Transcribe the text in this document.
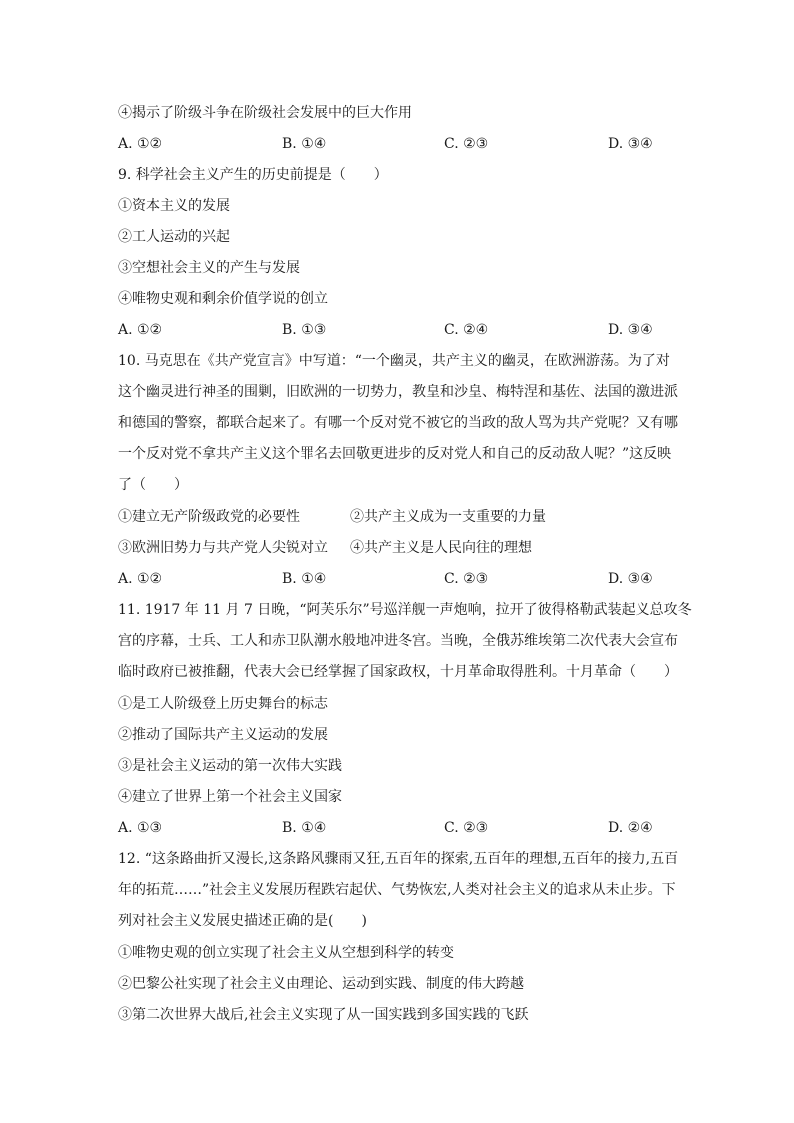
④揭示了阶级斗争在阶级社会发展中的巨大作用
A. ①②	B. ①④	C. ②③	D. ③④
9. 科学社会主义产生的历史前提是（　　）
①资本主义的发展
②工人运动的兴起
③空想社会主义的产生与发展
④唯物史观和剩余价值学说的创立
A. ①②	B. ①③	C. ②④	D. ③④
10. 马克思在《共产党宣言》中写道：“一个幽灵，共产主义的幽灵，在欧洲游荡。为了对
这个幽灵进行神圣的围剿，旧欧洲的一切势力，教皇和沙皇、梅特涅和基佐、法国的激进派
和德国的警察，都联合起来了。有哪一个反对党不被它的当政的敌人骂为共产党呢？又有哪
一个反对党不拿共产主义这个罪名去回敬更进步的反对党人和自己的反动敌人呢？”这反映
了（　　）
①建立无产阶级政党的必要性	②共产主义成为一支重要的力量
③欧洲旧势力与共产党人尖锐对立 ④共产主义是人民向往的理想
A. ①②	B. ①④	C. ②③	D. ③④
11. 1917 年 11 月 7 日晚，“阿芙乐尔”号巡洋舰一声炮响，拉开了彼得格勒武装起义总攻冬
宫的序幕，士兵、工人和赤卫队潮水般地冲进冬宫。当晚，全俄苏维埃第二次代表大会宣布
临时政府已被推翻，代表大会已经掌握了国家政权，十月革命取得胜利。十月革命（　　）
①是工人阶级登上历史舞台的标志
②推动了国际共产主义运动的发展
③是社会主义运动的第一次伟大实践
④建立了世界上第一个社会主义国家
A. ①③	B. ①④	C. ②③	D. ②④
12. “这条路曲折又漫长,这条路风骤雨又狂,五百年的探索,五百年的理想,五百年的接力,五百
年的拓荒……”社会主义发展历程跌宕起伏、气势恢宏,人类对社会主义的追求从未止步。下
列对社会主义发展史描述正确的是(　　)
①唯物史观的创立实现了社会主义从空想到科学的转变
②巴黎公社实现了社会主义由理论、运动到实践、制度的伟大跨越
③第二次世界大战后,社会主义实现了从一国实践到多国实践的飞跃
